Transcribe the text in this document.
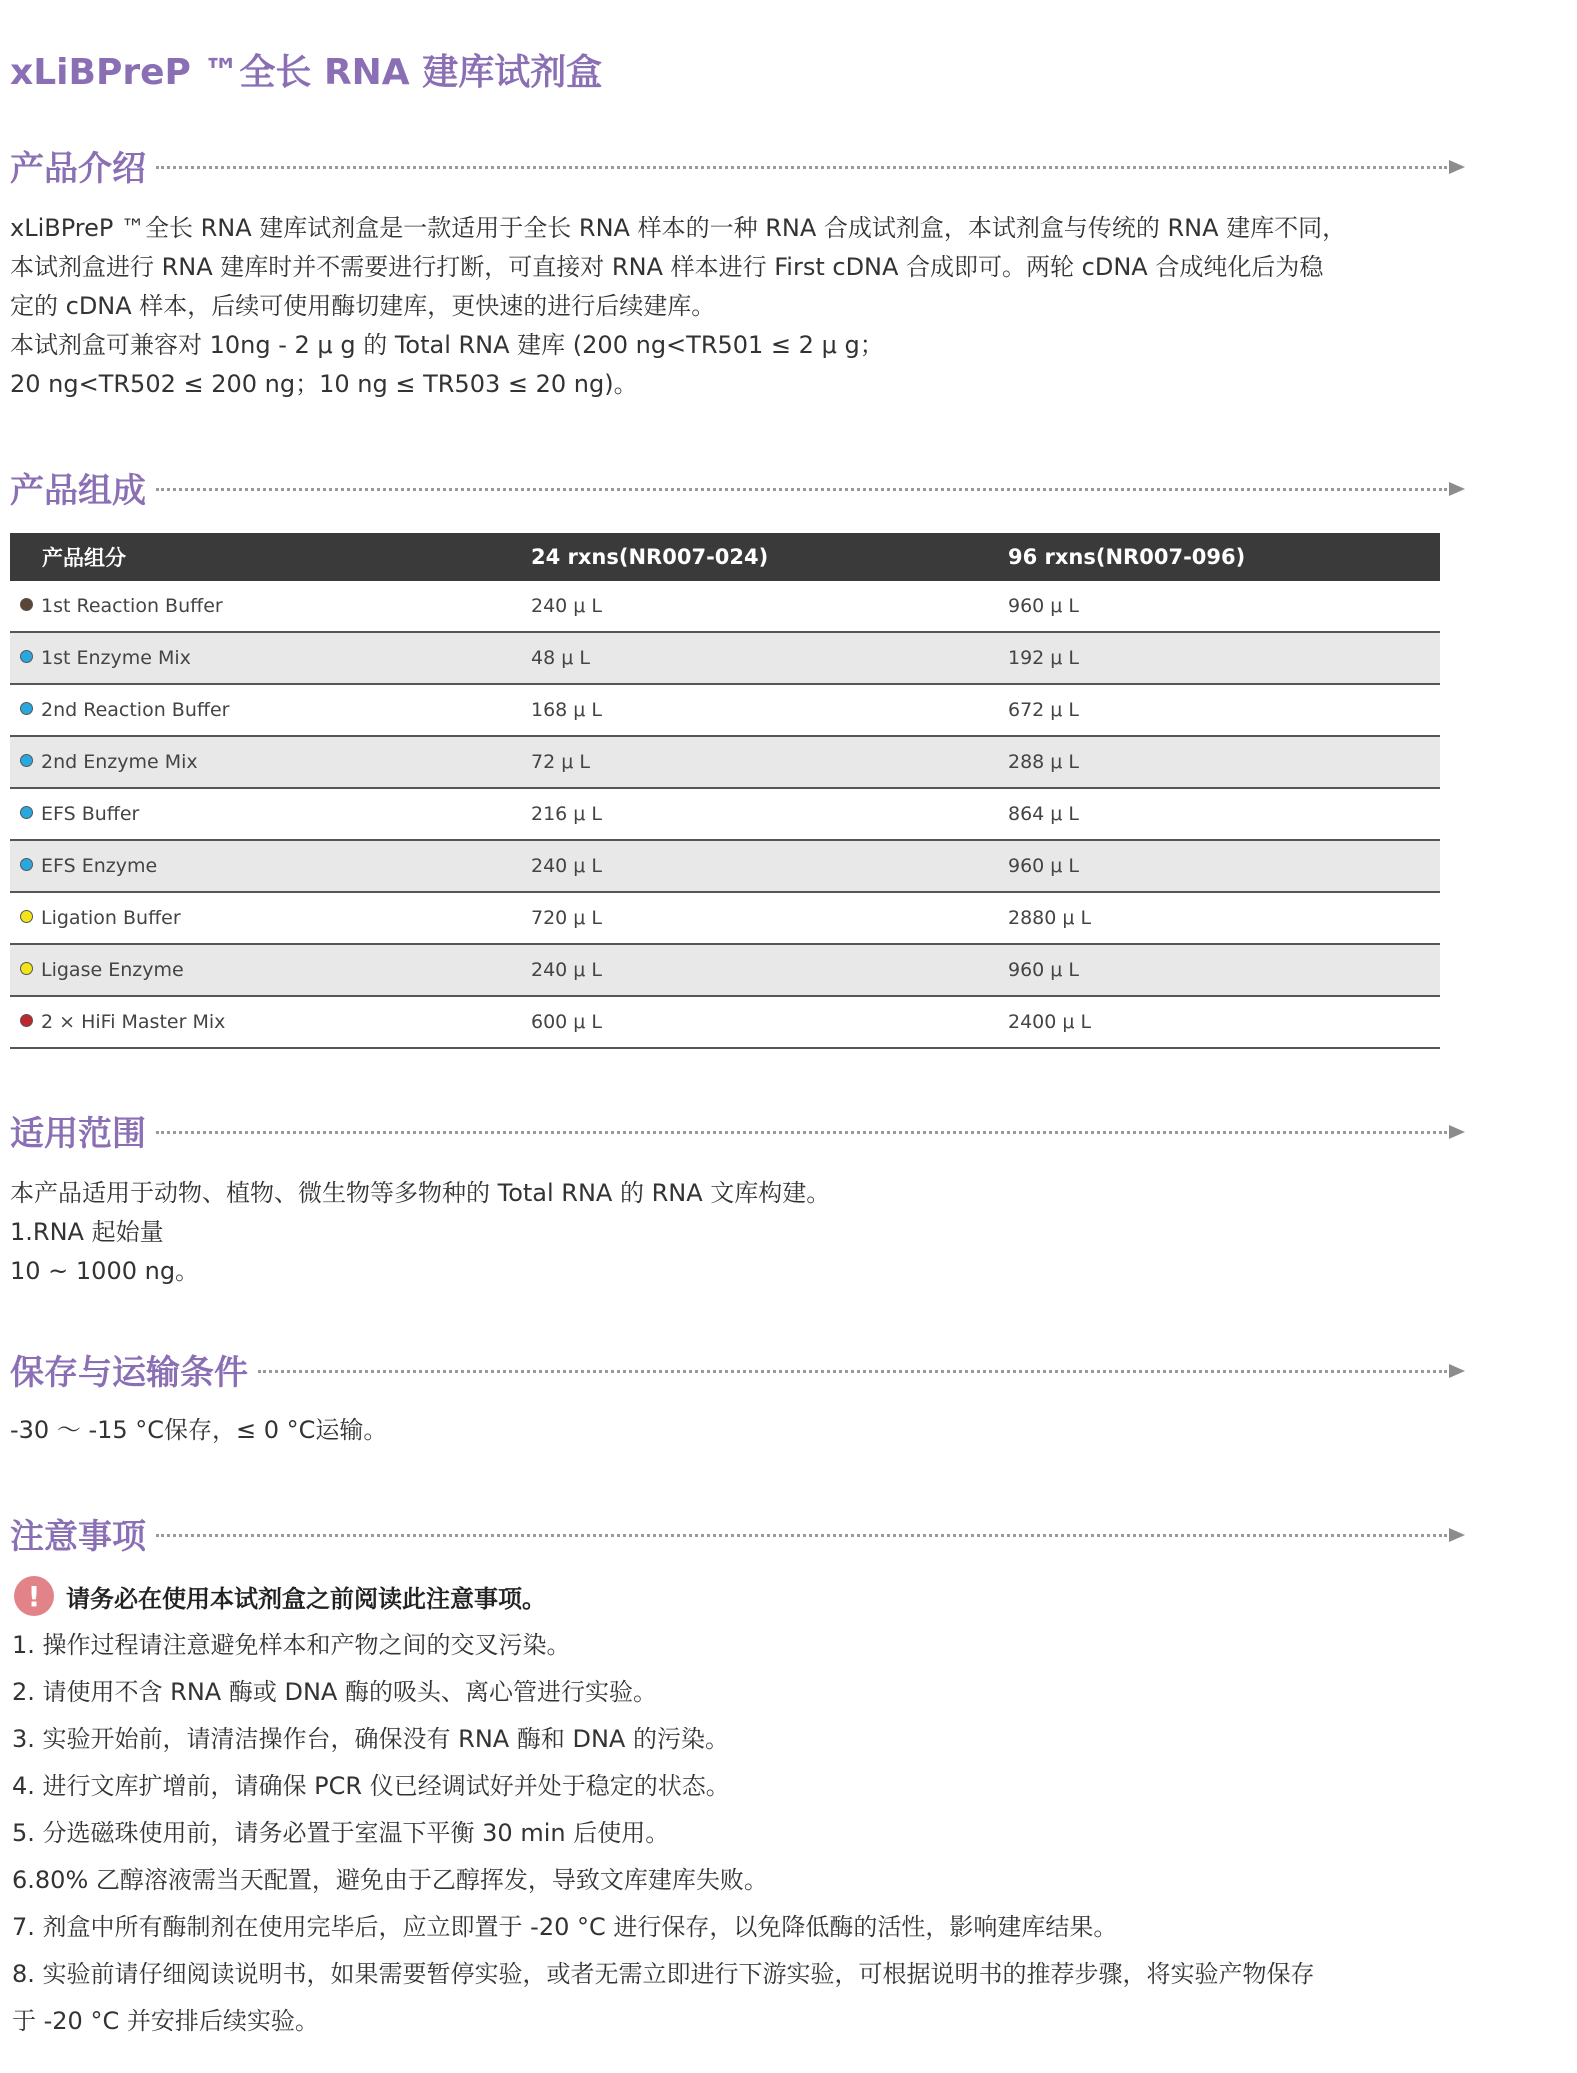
xLiBPreP ™全长 RNA 建库试剂盒
产品介绍
xLiBPreP ™全长 RNA 建库试剂盒是一款适用于全长 RNA 样本的一种 RNA 合成试剂盒，本试剂盒与传统的 RNA 建库不同，
本试剂盒进行 RNA 建库时并不需要进行打断，可直接对 RNA 样本进行 First cDNA 合成即可。两轮 cDNA 合成纯化后为稳
定的 cDNA 样本，后续可使用酶切建库，更快速的进行后续建库。
本试剂盒可兼容对 10ng - 2 μ g 的 Total RNA 建库 (200 ng<TR501 ≤ 2 μ g；
20 ng<TR502 ≤ 200 ng；10 ng ≤ TR503 ≤ 20 ng)。
产品组成
产品组分	24 rxns(NR007-024)	96 rxns(NR007-096)
1st Reaction Buffer	240 μ L	960 μ L
1st Enzyme Mix	48 μ L	192 μ L
2nd Reaction Buffer	168 μ L	672 μ L
2nd Enzyme Mix	72 μ L	288 μ L
EFS Buffer	216 μ L	864 μ L
EFS Enzyme	240 μ L	960 μ L
Ligation Buffer	720 μ L	2880 μ L
Ligase Enzyme	240 μ L	960 μ L
2 × HiFi Master Mix	600 μ L	2400 μ L
适用范围
本产品适用于动物、植物、微生物等多物种的 Total RNA 的 RNA 文库构建。
1.RNA 起始量
10 ~ 1000 ng。
保存与运输条件
-30 ～ -15 °C保存，≤ 0 °C运输。
注意事项
!	请务必在使用本试剂盒之前阅读此注意事项。
1. 操作过程请注意避免样本和产物之间的交叉污染。
2. 请使用不含 RNA 酶或 DNA 酶的吸头、离心管进行实验。
3. 实验开始前，请清洁操作台，确保没有 RNA 酶和 DNA 的污染。
4. 进行文库扩增前，请确保 PCR 仪已经调试好并处于稳定的状态。
5. 分选磁珠使用前，请务必置于室温下平衡 30 min 后使用。
6.80% 乙醇溶液需当天配置，避免由于乙醇挥发，导致文库建库失败。
7. 剂盒中所有酶制剂在使用完毕后，应立即置于 -20 °C 进行保存，以免降低酶的活性，影响建库结果。
8. 实验前请仔细阅读说明书，如果需要暂停实验，或者无需立即进行下游实验，可根据说明书的推荐步骤，将实验产物保存
于 -20 °C 并安排后续实验。
